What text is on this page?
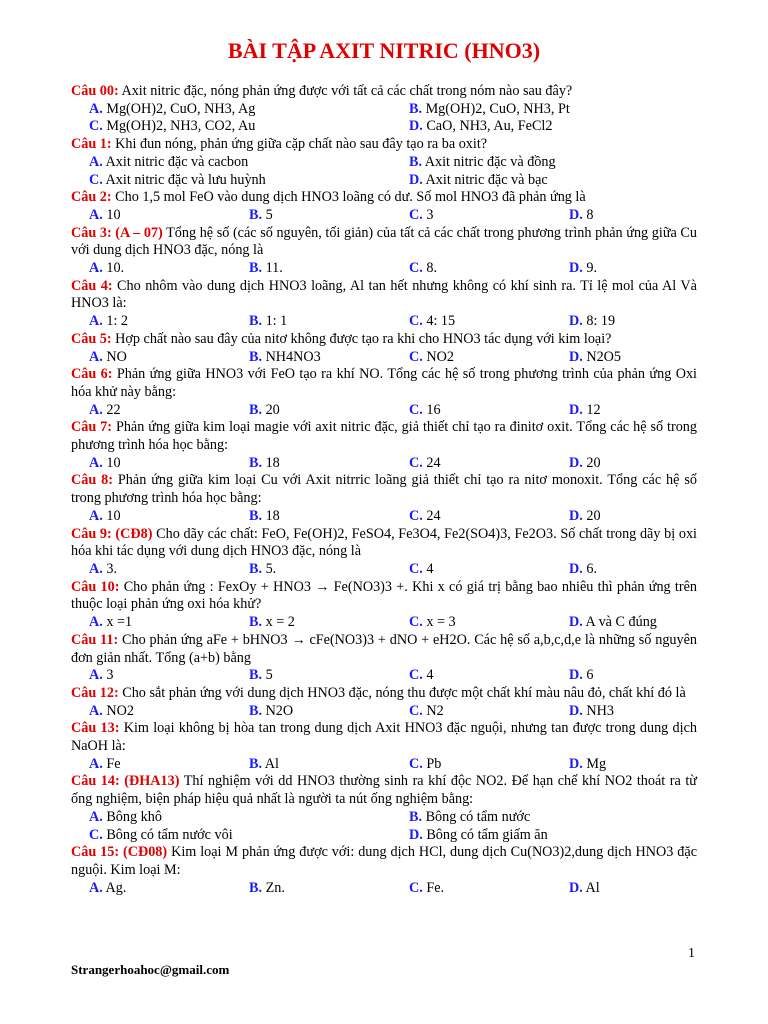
BÀI TẬP AXIT NITRIC (HNO3)
Câu 00: Axit nitric đặc, nóng phản ứng được với tất cả các chất trong nóm nào sau đây?
A. Mg(OH)2, CuO, NH3, Ag	B. Mg(OH)2, CuO, NH3, Pt
C. Mg(OH)2, NH3, CO2, Au	D. CaO, NH3, Au, FeCl2
Câu 1: Khi đun nóng, phản ứng giữa cặp chất nào sau đây tạo ra ba oxit?
A. Axit nitric đặc và cacbon	B. Axit nitric đặc và đồng
C. Axit nitric đặc và lưu huỳnh	D. Axit nitric đặc và bạc
Câu 2: Cho 1,5 mol FeO vào dung dịch HNO3 loãng có dư. Số mol HNO3 đã phản ứng là
A. 10	B. 5	C. 3	D. 8
Câu 3: (A – 07) Tổng hệ số (các số nguyên, tối giản) của tất cả các chất trong phương trình phản ứng giữa Cu với dung dịch HNO3 đặc, nóng là
A. 10.	B. 11.	C. 8.	D. 9.
Câu 4: Cho nhôm vào dung dịch HNO3 loãng, Al tan hết nhưng không có khí sinh ra. Tỉ lệ mol của Al Và HNO3 là:
A. 1: 2	B. 1: 1	C. 4: 15	D. 8: 19
Câu 5: Hợp chất nào sau đây của nitơ không được tạo ra khi cho HNO3 tác dụng với kim loại?
A. NO	B. NH4NO3	C. NO2	D. N2O5
Câu 6: Phản ứng giữa HNO3 với FeO tạo ra khí NO. Tổng các hệ số trong phương trình của phản ứng Oxi hóa khử này bằng:
A. 22	B. 20	C. 16	D. 12
Câu 7: Phản ứng giữa kim loại magie với axit nitric đặc, giả thiết chỉ tạo ra đinitơ oxit. Tổng các hệ số trong phương trình hóa học bằng:
A. 10	B. 18	C. 24	D. 20
Câu 8: Phản ứng giữa kim loại Cu với Axit nitrric loãng giả thiết chỉ tạo ra nitơ monoxit. Tổng các hệ số trong phương trình hóa học bằng:
A. 10	B. 18	C. 24	D. 20
Câu 9: (CĐ8) Cho dãy các chất: FeO, Fe(OH)2, FeSO4, Fe3O4, Fe2(SO4)3, Fe2O3. Số chất trong dãy bị oxi hóa khi tác dụng với dung dịch HNO3 đặc, nóng là
A. 3.	B. 5.	C. 4	D. 6.
Câu 10: Cho phản ứng : FexOy + HNO3 → Fe(NO3)3 +. Khi x có giá trị bằng bao nhiêu thì phản ứng trên thuộc loại phản ứng oxi hóa khử?
A. x =1	B. x = 2	C. x = 3	D. A và C đúng
Câu 11: Cho phản ứng aFe + bHNO3 → cFe(NO3)3 + dNO + eH2O. Các hệ số a,b,c,d,e là những số nguyên đơn giản nhất. Tổng (a+b) bằng
A. 3	B. 5	C. 4	D. 6
Câu 12: Cho sắt phản ứng với dung dịch HNO3 đặc, nóng thu được một chất khí màu nâu đỏ, chất khí đó là
A. NO2	B. N2O	C. N2	D. NH3
Câu 13: Kim loại không bị hòa tan trong dung dịch Axit HNO3 đặc nguội, nhưng tan được trong dung dịch NaOH là:
A. Fe	B. Al	C. Pb	D. Mg
Câu 14: (ĐHA13) Thí nghiệm với dd HNO3 thường sinh ra khí độc NO2. Để hạn chế khí NO2 thoát ra từ ống nghiệm, biện pháp hiệu quả nhất là người ta nút ống nghiệm bằng:
A. Bông khô	B. Bông có tẩm nước
C. Bông có tẩm nước vôi	D. Bông có tẩm giấm ăn
Câu 15: (CĐ08) Kim loại M phản ứng được với: dung dịch HCl, dung dịch Cu(NO3)2,dung dịch HNO3 đặc nguội. Kim loại M:
A. Ag.	B. Zn.	C. Fe.	D. Al
1
Strangerhoahoc@gmail.com
